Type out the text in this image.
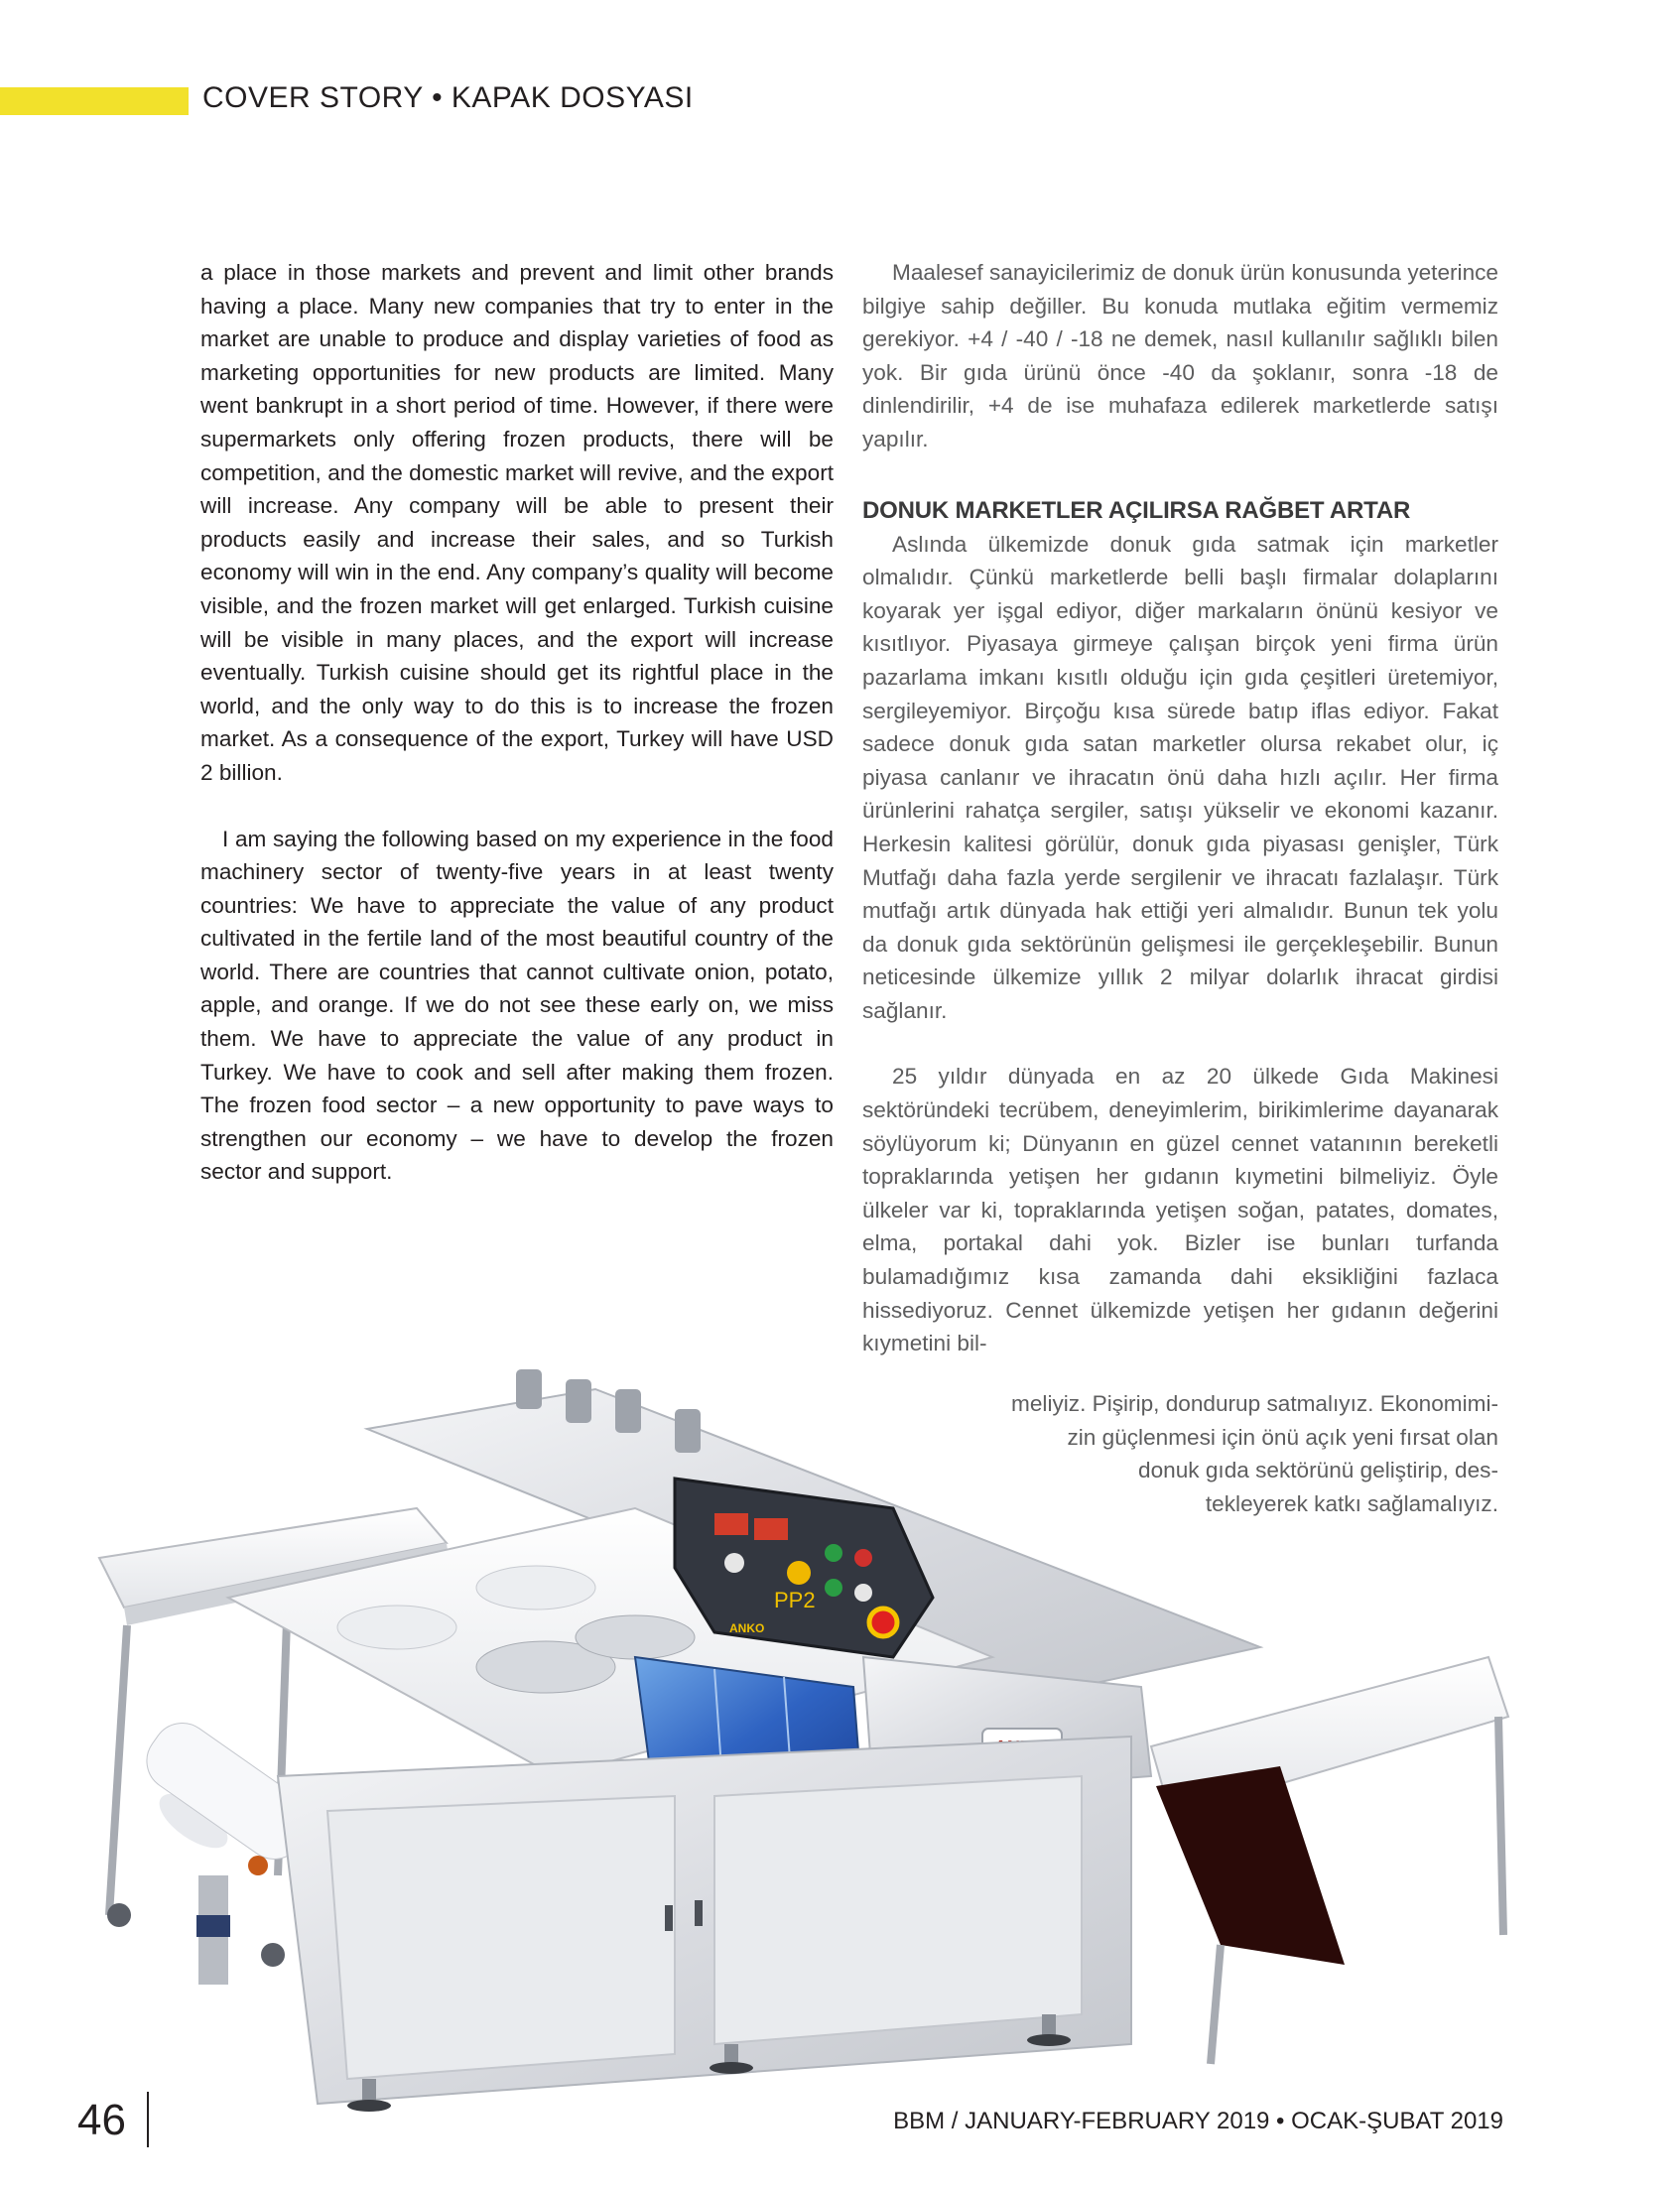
COVER STORY • KAPAK DOSYASI

a place in those markets and prevent and limit other brands having a place. Many new companies that try to enter in the market are unable to produce and display varieties of food as marketing opportunities for new products are limited. Many went bankrupt in a short period of time. However, if there were supermarkets only offering frozen products, there will be competition, and the domestic market will revive, and the export will increase. Any company will be able to present their products easily and increase their sales, and so Turkish economy will win in the end. Any company’s quality will become visible, and the frozen market will get enlarged. Turkish cuisine will be visible in many places, and the export will increase eventually. Turkish cuisine should get its rightful place in the world, and the only way to do this is to increase the frozen market. As a consequence of the export, Turkey will have USD 2 billion.

I am saying the following based on my experience in the food machinery sector of twenty-five years in at least twenty countries: We have to appreciate the value of any product cultivated in the fertile land of the most beautiful country of the world. There are countries that cannot cultivate onion, potato, apple, and orange. If we do not see these early on, we miss them. We have to appreciate the value of any product in Turkey. We have to cook and sell after making them frozen. The frozen food sector – a new opportunity to pave ways to strengthen our economy – we have to develop the frozen sector and support.

Maalesef sanayicilerimiz de donuk ürün konusunda yeterince bilgiye sahip değiller. Bu konuda mutlaka eğitim vermemiz gerekiyor. +4 / -40 / -18 ne demek, nasıl kullanılır sağlıklı bilen yok. Bir gıda ürünü önce -40 da şoklanır, sonra -18 de dinlendirilir, +4 de ise muhafaza edilerek marketlerde satışı yapılır.

DONUK MARKETLER AÇILIRSA RAĞBET ARTAR

Aslında ülkemizde donuk gıda satmak için marketler olmalıdır. Çünkü marketlerde belli başlı firmalar dolaplarını koyarak yer işgal ediyor, diğer markaların önünü kesiyor ve kısıtlıyor. Piyasaya girmeye çalışan birçok yeni firma ürün pazarlama imkanı kısıtlı olduğu için gıda çeşitleri üretemiyor, sergileyemiyor. Birçoğu kısa sürede batıp iflas ediyor. Fakat sadece donuk gıda satan marketler olursa rekabet olur, iç piyasa canlanır ve ihracatın önü daha hızlı açılır. Her firma ürünlerini rahatça sergiler, satışı yükselir ve ekonomi kazanır. Herkesin kalitesi görülür, donuk gıda piyasası genişler, Türk Mutfağı daha fazla yerde sergilenir ve ihracatı fazlalaşır. Türk mutfağı artık dünyada hak ettiği yeri almalıdır. Bunun tek yolu da donuk gıda sektörünün gelişmesi ile gerçekleşebilir. Bunun neticesinde ülkemize yıllık 2 milyar dolarlık ihracat girdisi sağlanır.

25 yıldır dünyada en az 20 ülkede Gıda Makinesi sektöründeki tecrübem, deneyimlerim, birikimlerime dayanarak söylüyorum ki; Dünyanın en güzel cennet vatanının bereketli topraklarında yetişen her gıdanın kıymetini bilmeliyiz. Öyle ülkeler var ki, topraklarında yetişen soğan, patates, domates, elma, portakal dahi yok. Bizler ise bunları turfanda bulamadığımız kısa zamanda dahi eksikliğini fazlaca hissediyoruz. Cennet ülkemizde yetişen her gıdanın değerini kıymetini bil-

meliyiz. Pişirip, dondurup satmalıyız. Ekonomimi-
zin güçlenmesi için önü açık yeni fırsat olan
donuk gıda sektörünü geliştirip, des-
tekleyerek katkı sağlamalıyız.
PP2
ANKO
46	BBM / JANUARY-FEBRUARY 2019 • OCAK-ŞUBAT 2019
